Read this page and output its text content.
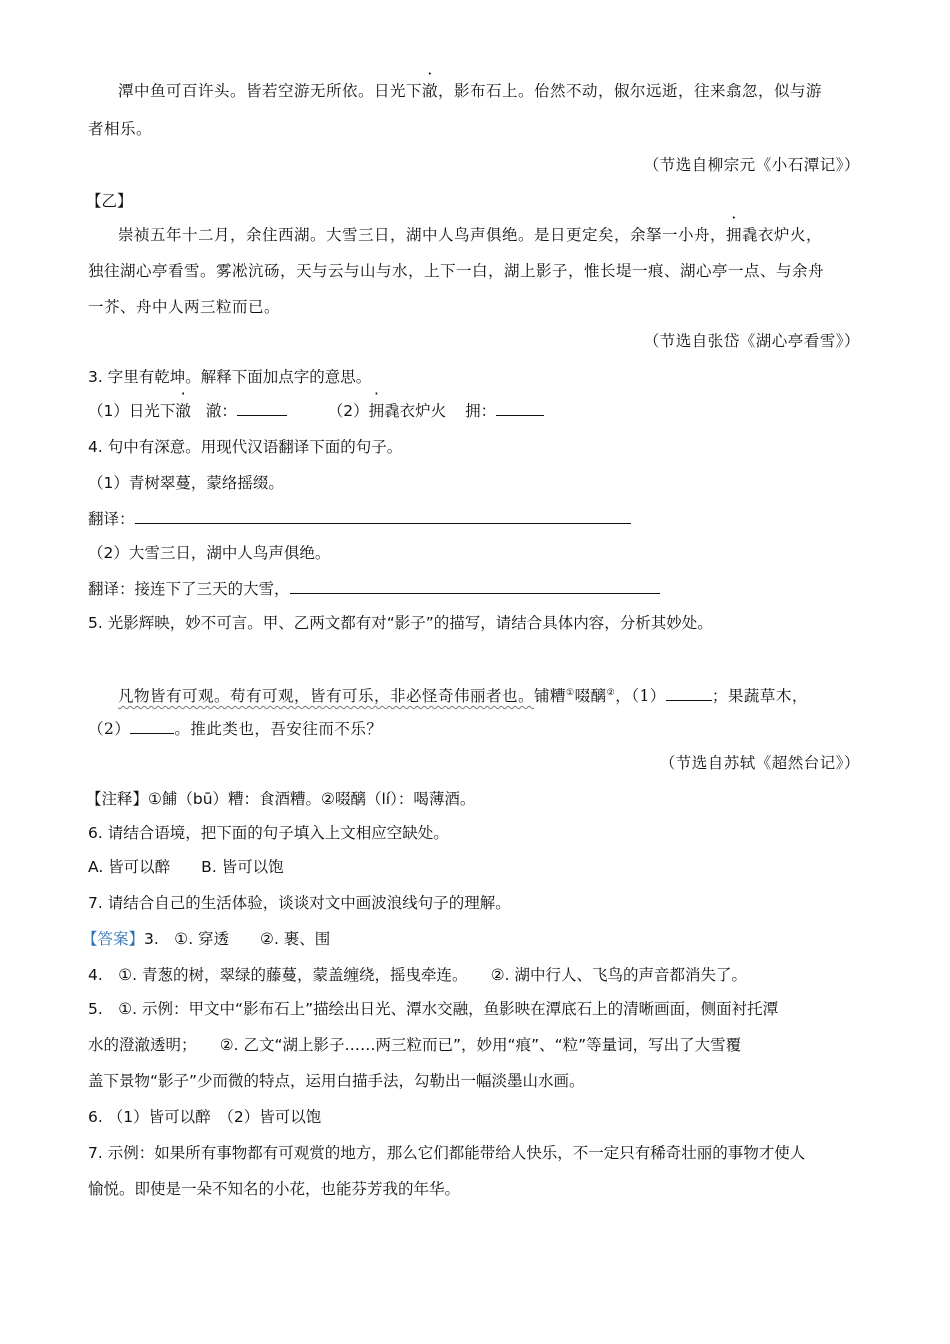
潭中鱼可百许头。皆若空游无所依。日光下澈，影布石上。佁然不动，俶尔远逝，往来翕忽，似与游
者相乐。
（节选自柳宗元《小石潭记》）
【乙】
崇祯五年十二月，余住西湖。大雪三日，湖中人鸟声俱绝。是日更定矣，余拏一小舟，拥毳衣炉火，
独往湖心亭看雪。雾凇沆砀，天与云与山与水，上下一白，湖上影子，惟长堤一痕、湖心亭一点、与余舟
一芥、舟中人两三粒而已。
（节选自张岱《湖心亭看雪》）
3. 字里有乾坤。解释下面加点字的意思。
（1）日光下澈 澈：	（2）拥毳衣炉火 拥：
4. 句中有深意。用现代汉语翻译下面的句子。
（1）青树翠蔓，蒙络摇缀。
翻译：
（2）大雪三日，湖中人鸟声俱绝。
翻译：接连下了三天的大雪，
5. 光影辉映，妙不可言。甲、乙两文都有对“影子”的描写，请结合具体内容，分析其妙处。
凡物皆有可观。苟有可观，皆有可乐，非必怪奇伟丽者也。铺糟①啜醨②，（1）	；果蔬草木，
（2）	。推此类也，吾安往而不乐？
（节选自苏轼《超然台记》）
【注释】①餔（bū）糟：食酒糟。②啜醨（lí）：喝薄酒。
6. 请结合语境，把下面的句子填入上文相应空缺处。
A. 皆可以醉　　B. 皆可以饱
7. 请结合自己的生活体验，谈谈对文中画波浪线句子的理解。
【答案】3.　①. 穿透　　②. 裹、围
4.　①. 青葱的树，翠绿的藤蔓，蒙盖缠绕，摇曳牵连。　　②. 湖中行人、飞鸟的声音都消失了。
5.　①. 示例：甲文中“影布石上”描绘出日光、潭水交融，鱼影映在潭底石上的清晰画面，侧面衬托潭
水的澄澈透明；　　②. 乙文“湖上影子……两三粒而已”，妙用“痕”、“粒”等量词，写出了大雪覆
盖下景物“影子”少而微的特点，运用白描手法，勾勒出一幅淡墨山水画。
6. （1）皆可以醉　（2）皆可以饱
7. 示例：如果所有事物都有可观赏的地方，那么它们都能带给人快乐，不一定只有稀奇壮丽的事物才使人
愉悦。即使是一朵不知名的小花，也能芬芳我的年华。
